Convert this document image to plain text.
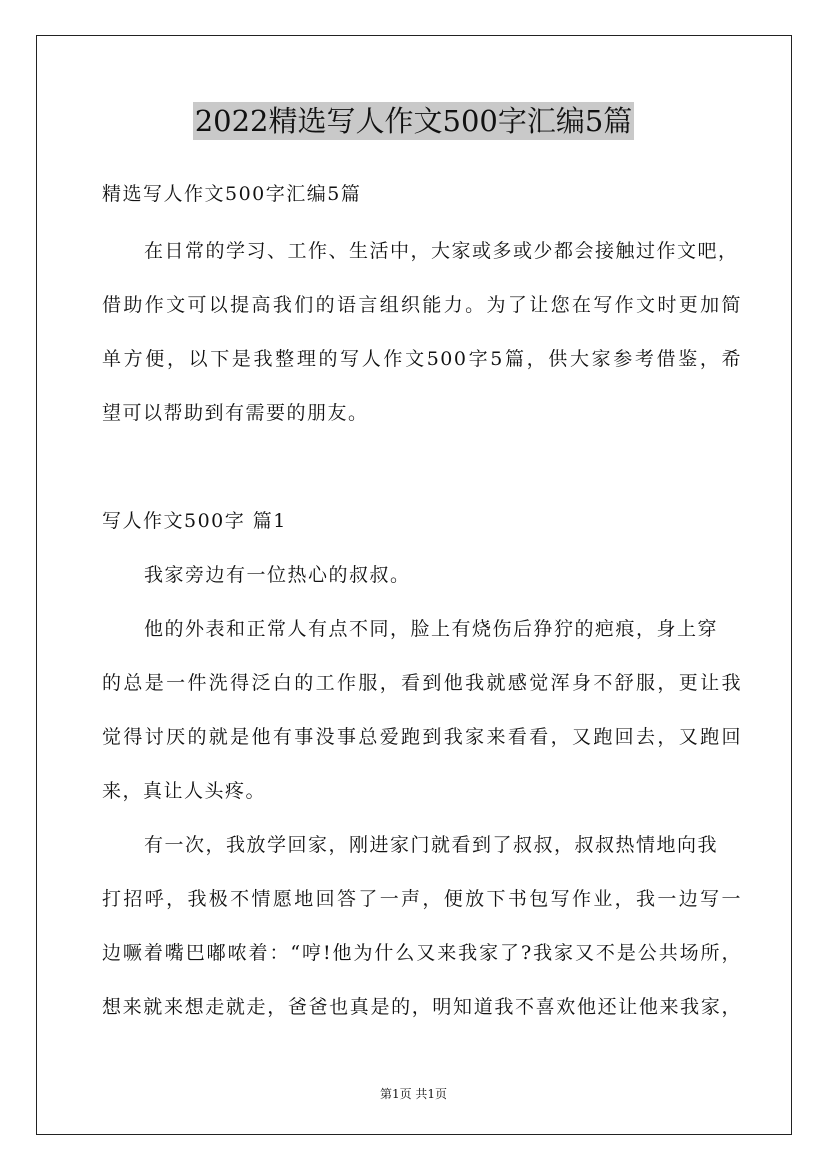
2022精选写人作文500字汇编5篇
精选写人作文500字汇编5篇
在日常的学习、工作、生活中，大家或多或少都会接触过作文吧，
借助作文可以提高我们的语言组织能力。为了让您在写作文时更加简
单方便，以下是我整理的写人作文500字5篇，供大家参考借鉴，希
望可以帮助到有需要的朋友。
写人作文500字 篇1
我家旁边有一位热心的叔叔。
他的外表和正常人有点不同，脸上有烧伤后狰狞的疤痕，身上穿
的总是一件洗得泛白的工作服，看到他我就感觉浑身不舒服，更让我
觉得讨厌的就是他有事没事总爱跑到我家来看看，又跑回去，又跑回
来，真让人头疼。
有一次，我放学回家，刚进家门就看到了叔叔，叔叔热情地向我
打招呼，我极不情愿地回答了一声，便放下书包写作业，我一边写一
边噘着嘴巴嘟哝着：“哼!他为什么又来我家了?我家又不是公共场所，
想来就来想走就走，爸爸也真是的，明知道我不喜欢他还让他来我家，
第1页 共1页
